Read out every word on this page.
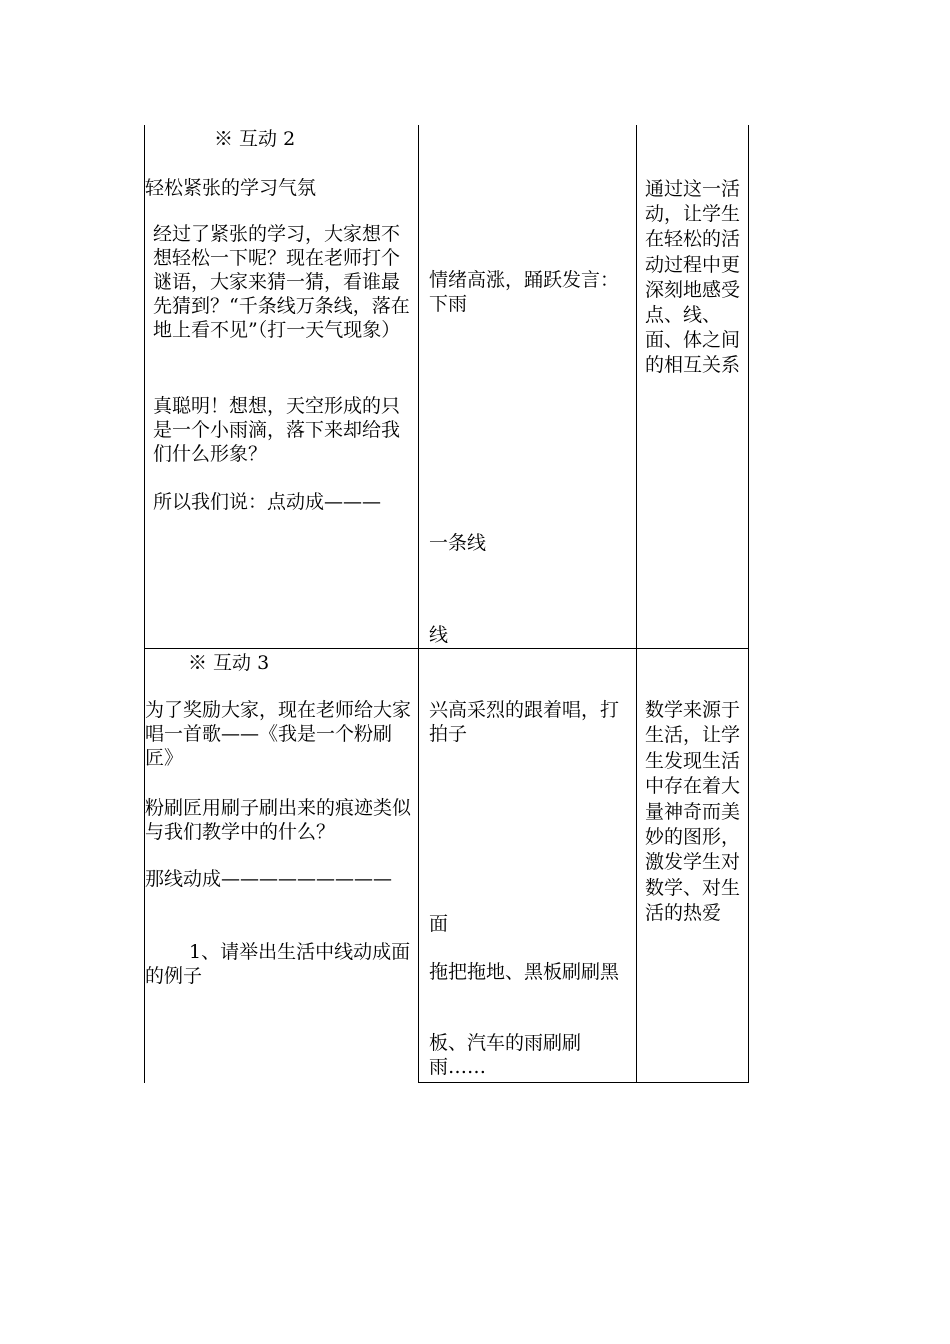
※ 互动 2

轻松紧张的学习气氛

经过了紧张的学习，大家想不想轻松一下呢？现在老师打个谜语，大家来猜一猜，看谁最先猜到？“千条线万条线，落在地上看不见”（打一天气现象）

真聪明！想想，天空形成的只是一个小雨滴，落下来却给我们什么形象？

所以我们说：点动成———

情绪高涨，踊跃发言：下雨

一条线

线

通过这一活动，让学生在轻松的活动过程中更深刻地感受点、线、面、体之间的相互关系

※ 互动 3

为了奖励大家，现在老师给大家唱一首歌——《我是一个粉刷匠》

粉刷匠用刷子刷出来的痕迹类似与我们教学中的什么？

那线动成—————————

1、请举出生活中线动成面的例子

兴高采烈的跟着唱，打拍子

面

拖把拖地、黑板刷刷黑

板、汽车的雨刷刷雨……

数学来源于生活，让学生发现生活中存在着大量神奇而美妙的图形，激发学生对数学、对生活的热爱
